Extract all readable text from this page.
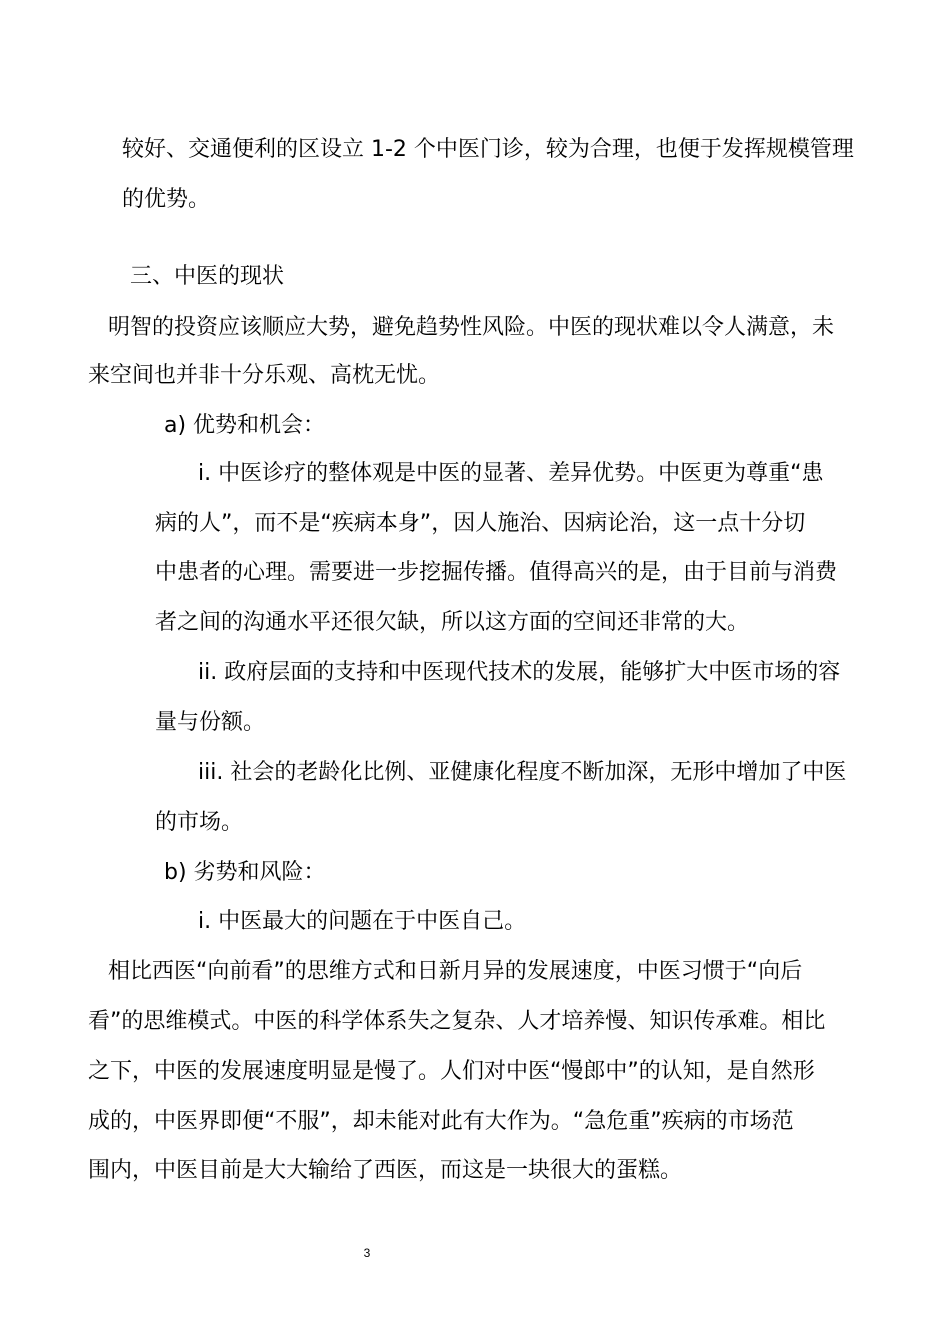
较好、交通便利的区设立 1-2 个中医门诊，较为合理，也便于发挥规模管理
的优势。
三、中医的现状
明智的投资应该顺应大势，避免趋势性风险。中医的现状难以令人满意，未
来空间也并非十分乐观、高枕无忧。
a) 优势和机会：
i. 中医诊疗的整体观是中医的显著、差异优势。中医更为尊重“患
病的人”，而不是“疾病本身”，因人施治、因病论治，这一点十分切
中患者的心理。需要进一步挖掘传播。值得高兴的是，由于目前与消费
者之间的沟通水平还很欠缺，所以这方面的空间还非常的大。
ii. 政府层面的支持和中医现代技术的发展，能够扩大中医市场的容
量与份额。
iii. 社会的老龄化比例、亚健康化程度不断加深，无形中增加了中医
的市场。
b) 劣势和风险：
i. 中医最大的问题在于中医自己。
相比西医“向前看”的思维方式和日新月异的发展速度，中医习惯于“向后
看”的思维模式。中医的科学体系失之复杂、人才培养慢、知识传承难。相比
之下，中医的发展速度明显是慢了。人们对中医“慢郎中”的认知，是自然形
成的，中医界即便“不服”，却未能对此有大作为。“急危重”疾病的市场范
围内，中医目前是大大输给了西医，而这是一块很大的蛋糕。
3
